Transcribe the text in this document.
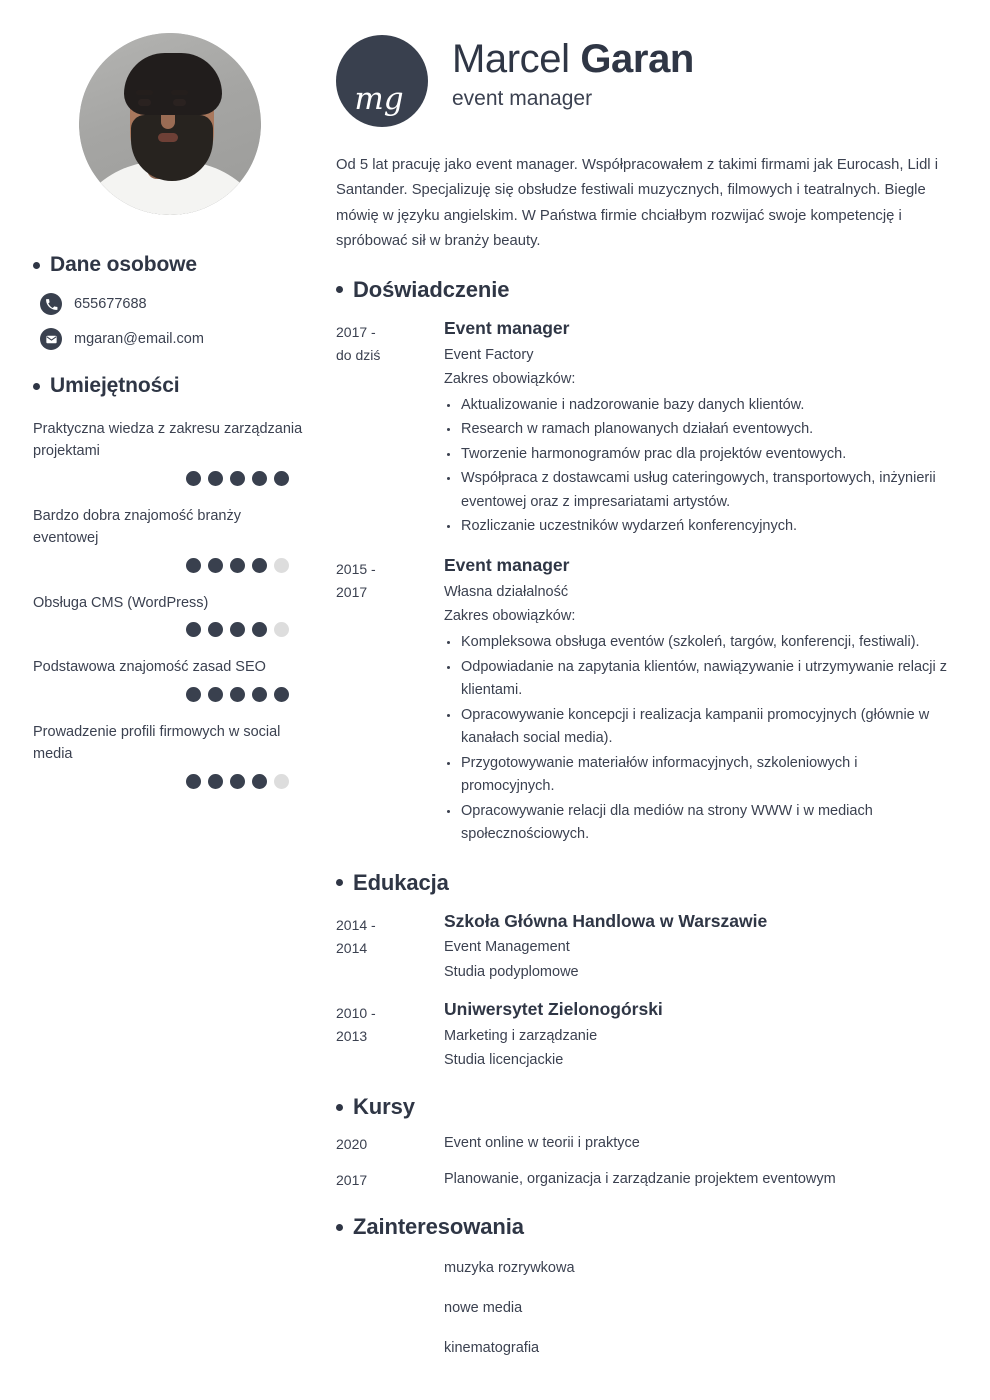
Dane osobowe
655677688
mgaran@email.com
Umiejętności
Praktyczna wiedza z zakresu zarządzania projektami
Bardzo dobra znajomość branży eventowej
Obsługa CMS (WordPress)
Podstawowa znajomość zasad SEO
Prowadzenie profili firmowych w social media
mg
Marcel Garan
event manager
Od 5 lat pracuję jako event manager. Współpracowałem z takimi firmami jak Eurocash, Lidl i Santander. Specjalizuję się obsłudze festiwali muzycznych, filmowych i teatralnych. Biegle mówię w języku angielskim. W Państwa firmie chciałbym rozwijać swoje kompetencję i spróbować sił w branży beauty.
Doświadczenie
2017 -
do dziś
Event manager
Event Factory
Zakres obowiązków:
Aktualizowanie i nadzorowanie bazy danych klientów.
Research w ramach planowanych działań eventowych.
Tworzenie harmonogramów prac dla projektów eventowych.
Współpraca z dostawcami usług cateringowych, transportowych, inżynierii eventowej oraz z impresariatami artystów.
Rozliczanie uczestników wydarzeń konferencyjnych.
2015 -
2017
Event manager
Własna działalność
Zakres obowiązków:
Kompleksowa obsługa eventów (szkoleń, targów, konferencji, festiwali).
Odpowiadanie na zapytania klientów, nawiązywanie i utrzymywanie relacji z klientami.
Opracowywanie koncepcji i realizacja kampanii promocyjnych (głównie w kanałach social media).
Przygotowywanie materiałów informacyjnych, szkoleniowych i promocyjnych.
Opracowywanie relacji dla mediów na strony WWW i w mediach społecznościowych.
Edukacja
2014 -
2014
Szkoła Główna Handlowa w Warszawie
Event Management
Studia podyplomowe
2010 -
2013
Uniwersytet Zielonogórski
Marketing i zarządzanie
Studia licencjackie
Kursy
2020	Event online w teorii i praktyce
2017	Planowanie, organizacja i zarządzanie projektem eventowym
Zainteresowania
muzyka rozrywkowa
nowe media
kinematografia
